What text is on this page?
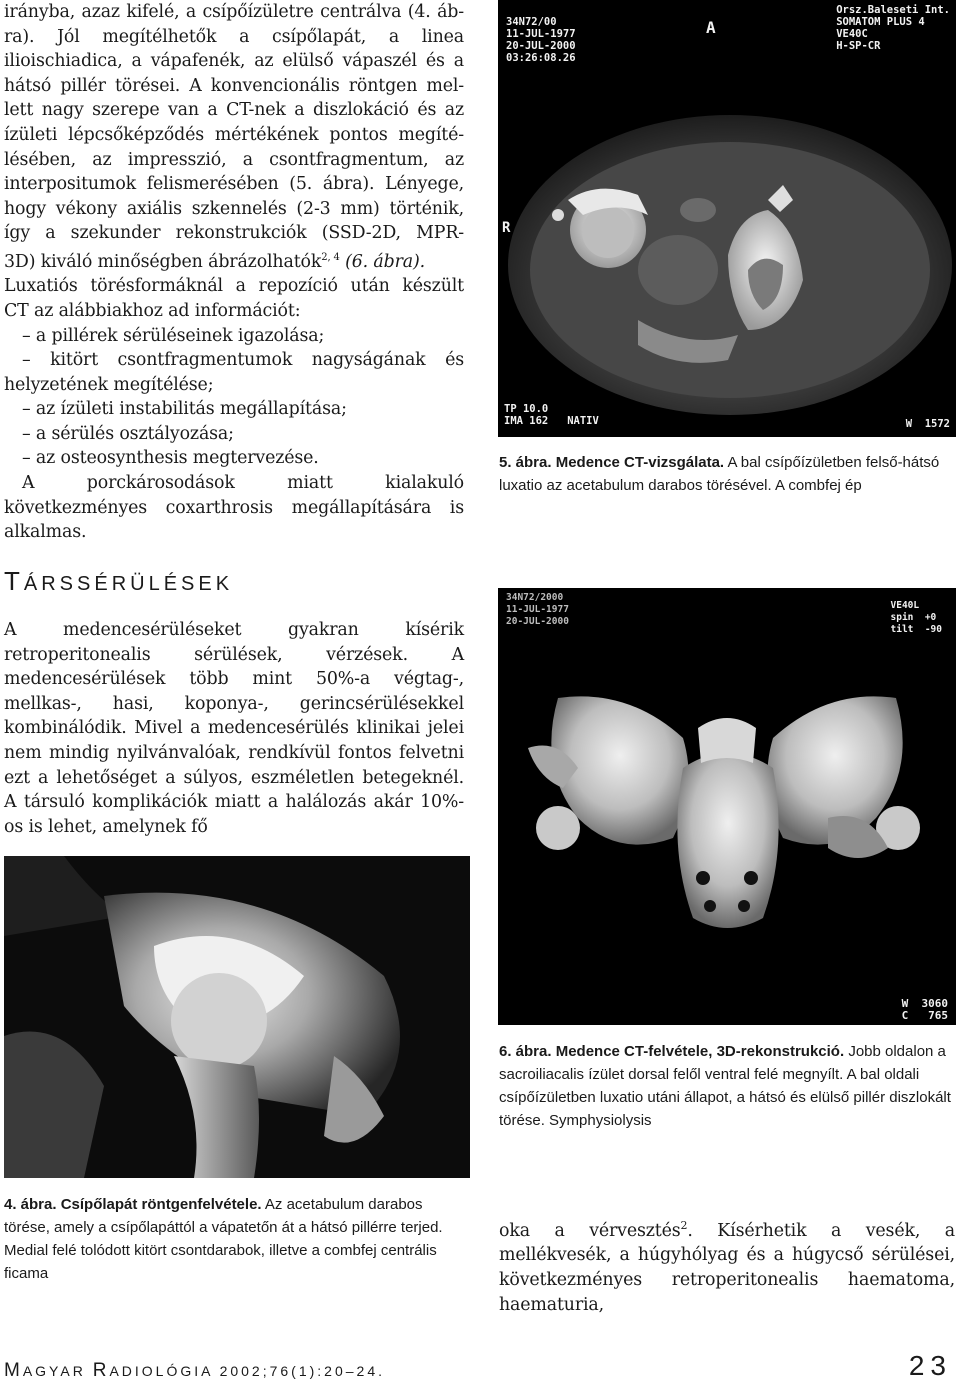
irányba, azaz kifelé, a csípőízületre centrálva (4. áb-
ra). Jól megítélhetők a csípőlapát, a linea
ilioischiadica, a vápafenék, az elülső vápaszél és a
hátsó pillér törései. A konvencionális röntgen mel-
lett nagy szerepe van a CT-nek a diszlokáció és az
ízületi lépcsőképződés mértékének pontos megíté-
lésében, az impresszió, a csontfragmentum, az
interpositumok felismerésében (5. ábra). Lényege,
hogy vékony axiális szkennelés (2-3 mm) történik,
így a szekunder rekonstrukciók (SSD-2D, MPR-
3D) kiváló minőségben ábrázolhatók$^{2, 4}$ (6. ábra).
Luxatiós törésformáknál a repozíció után készült
CT az alábbiakhoz ad információt:
– a pillérek sérüléseinek igazolása;
– kitört csontfragmentumok nagyságának és helyzetének megítélése;
– az ízületi instabilitás megállapítása;
– a sérülés osztályozása;
– az osteosynthesis megtervezése.
A porckárosodások miatt kialakuló következményes coxarthrosis megállapítására is alkalmas.
TÁRSSÉRÜLÉSEK

A medencesérüléseket gyakran kísérik retroperitonealis sérülések, vérzések. A medencesérülések több mint 50%-a végtag-, mellkas-, hasi, koponya-, gerincsérülésekkel kombinálódik. Mivel a medencesérülés klinikai jelei nem mindig nyilvánvalóak, rendkívül fontos felvetni ezt a lehetőséget a súlyos, eszméletlen betegeknél. A társuló komplikációk miatt a halálozás akár 10%-os is lehet, amelynek fő

34N72/00
11-JUL-1977
20-JUL-2000
03:26:08.26
Orsz.Baleseti Int.
SOMATOM PLUS 4
VE40C
H-SP-CR
A
R
TP 10.0
IMA 162   NATIV	W  1572
5. ábra. Medence CT-vizsgálata. A bal csípőízületben felső-hátsó luxatio az acetabulum darabos törésével. A combfej ép
34N72/2000
11-JUL-1977
20-JUL-2000
VE40L
spin  +0
tilt  -90
W  3060
C   765
6. ábra. Medence CT-felvétele, 3D-rekonstrukció. Jobb oldalon a sacroiliacalis ízület dorsal felől ventral felé megnyílt. A bal oldali csípőízületben luxatio utáni állapot, a hátsó és elülső pillér diszlokált törése. Symphysiolysis
4. ábra. Csípőlapát röntgenfelvétele. Az acetabulum darabos törése, amely a csípőlapáttól a vápatetőn át a hátsó pillérre terjed. Medial felé tolódott kitört csontdarabok, illetve a combfej centrális ficama

oka a vérvesztés$^2$. Kísérhetik a vesék, a mellékvesék, a húgyhólyag és a húgycső sérülései, következményes retroperitonealis haematoma, haematuria,

MAGYAR RADIOLÓGIA 2002;76(1):20–24.	23
